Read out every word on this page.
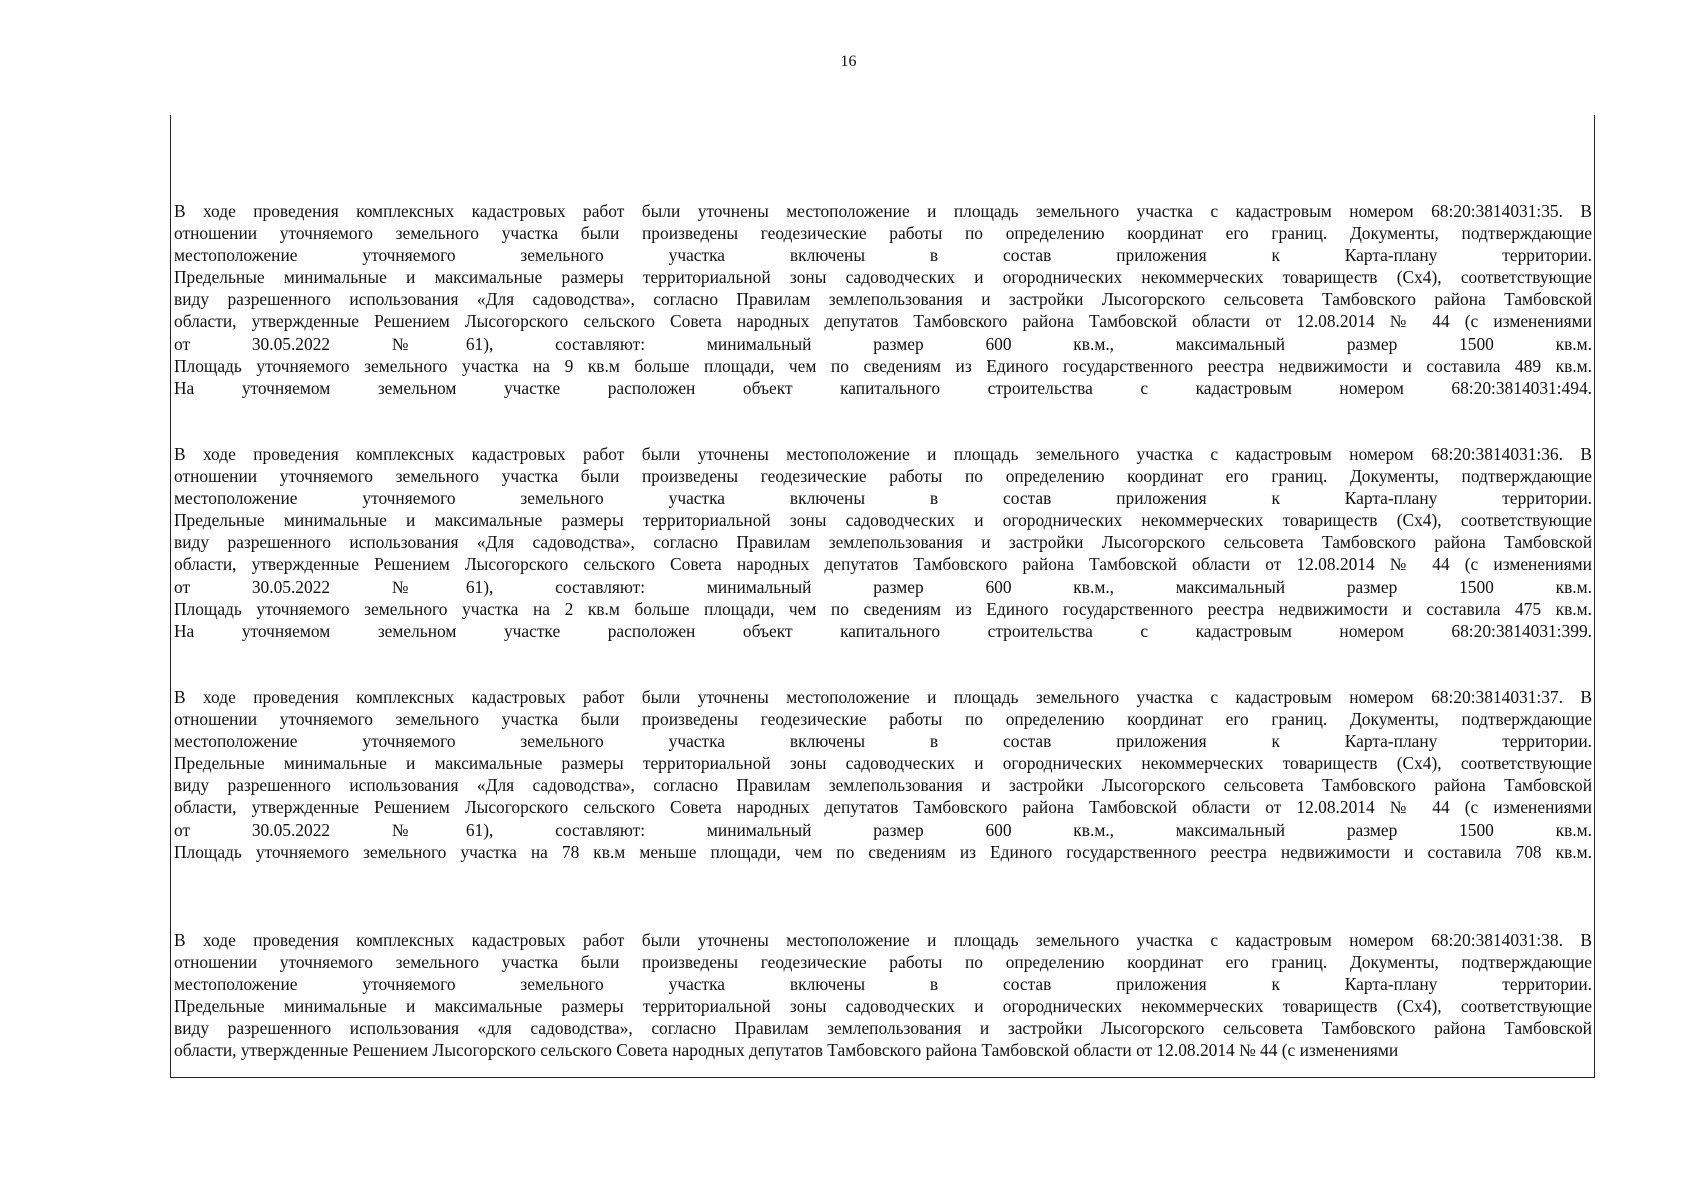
16
В ходе проведения комплексных кадастровых работ были уточнены местоположение и площадь земельного участка с кадастровым номером 68:20:3814031:35. В
отношении уточняемого земельного участка были произведены геодезические работы по определению координат его границ. Документы, подтверждающие
местоположение уточняемого земельного участка включены в состав приложения к Карта-плану территории.
Предельные минимальные и максимальные размеры территориальной зоны садоводческих и огороднических некоммерческих товариществ (Сх4), соответствующие
виду разрешенного использования «Для садоводства», согласно Правилам землепользования и застройки Лысогорского сельсовета Тамбовского района Тамбовской
области, утвержденные Решением Лысогорского сельского Совета народных депутатов Тамбовского района Тамбовской области от 12.08.2014 № 44 (с изменениями
от 30.05.2022 №61), составляют: минимальный размер 600 кв.м., максимальный размер 1500 кв.м.
Площадь уточняемого земельного участка на 9 кв.м больше площади, чем по сведениям из Единого государственного реестра недвижимости и составила 489 кв.м.
На уточняемом земельном участке расположен объект капитального строительства с кадастровым номером 68:20:3814031:494.
В ходе проведения комплексных кадастровых работ были уточнены местоположение и площадь земельного участка с кадастровым номером 68:20:3814031:36. В
отношении уточняемого земельного участка были произведены геодезические работы по определению координат его границ. Документы, подтверждающие
местоположение уточняемого земельного участка включены в состав приложения к Карта-плану территории.
Предельные минимальные и максимальные размеры территориальной зоны садоводческих и огороднических некоммерческих товариществ (Сх4), соответствующие
виду разрешенного использования «Для садоводства», согласно Правилам землепользования и застройки Лысогорского сельсовета Тамбовского района Тамбовской
области, утвержденные Решением Лысогорского сельского Совета народных депутатов Тамбовского района Тамбовской области от 12.08.2014 № 44 (с изменениями
от 30.05.2022 №61), составляют: минимальный размер 600 кв.м., максимальный размер 1500 кв.м.
Площадь уточняемого земельного участка на 2 кв.м больше площади, чем по сведениям из Единого государственного реестра недвижимости и составила 475 кв.м.
На уточняемом земельном участке расположен объект капитального строительства с кадастровым номером 68:20:3814031:399.
В ходе проведения комплексных кадастровых работ были уточнены местоположение и площадь земельного участка с кадастровым номером 68:20:3814031:37. В
отношении уточняемого земельного участка были произведены геодезические работы по определению координат его границ. Документы, подтверждающие
местоположение уточняемого земельного участка включены в состав приложения к Карта-плану территории.
Предельные минимальные и максимальные размеры территориальной зоны садоводческих и огороднических некоммерческих товариществ (Сх4), соответствующие
виду разрешенного использования «Для садоводства», согласно Правилам землепользования и застройки Лысогорского сельсовета Тамбовского района Тамбовской
области, утвержденные Решением Лысогорского сельского Совета народных депутатов Тамбовского района Тамбовской области от 12.08.2014 № 44 (с изменениями
от 30.05.2022 №61), составляют: минимальный размер 600 кв.м., максимальный размер 1500 кв.м.
Площадь уточняемого земельного участка на 78 кв.м меньше площади, чем по сведениям из Единого государственного реестра недвижимости и составила 708 кв.м.
В ходе проведения комплексных кадастровых работ были уточнены местоположение и площадь земельного участка с кадастровым номером 68:20:3814031:38. В
отношении уточняемого земельного участка были произведены геодезические работы по определению координат его границ. Документы, подтверждающие
местоположение уточняемого земельного участка включены в состав приложения к Карта-плану территории.
Предельные минимальные и максимальные размеры территориальной зоны садоводческих и огороднических некоммерческих товариществ (Сх4), соответствующие
виду разрешенного использования «для садоводства», согласно Правилам землепользования и застройки Лысогорского сельсовета Тамбовского района Тамбовской
области, утвержденные Решением Лысогорского сельского Совета народных депутатов Тамбовского района Тамбовской области от 12.08.2014 № 44 (с изменениями
